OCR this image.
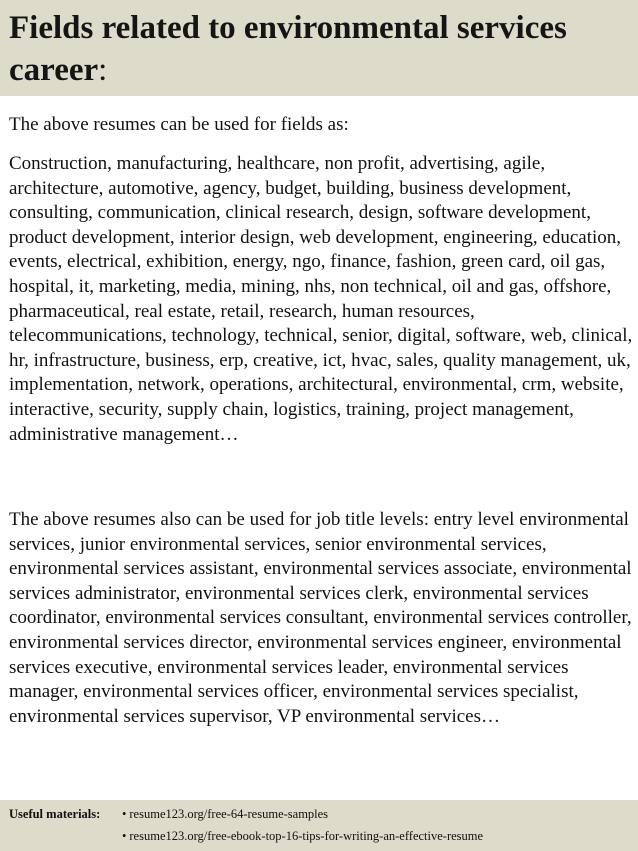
Fields related to environmental services career:
The above resumes can be used for fields as:
Construction, manufacturing, healthcare, non profit, advertising, agile, architecture, automotive, agency, budget, building, business development, consulting, communication, clinical research, design, software development, product development, interior design, web development, engineering, education, events, electrical, exhibition, energy, ngo, finance, fashion, green card, oil gas, hospital, it, marketing, media, mining, nhs, non technical, oil and gas, offshore, pharmaceutical, real estate, retail, research, human resources, telecommunications, technology, technical, senior, digital, software, web, clinical, hr, infrastructure, business, erp, creative, ict, hvac, sales, quality management, uk, implementation, network, operations, architectural, environmental, crm, website, interactive, security, supply chain, logistics, training, project management, administrative management…
The above resumes also can be used for job title levels: entry level environmental services, junior environmental services, senior environmental services, environmental services assistant, environmental services associate, environmental services administrator, environmental services clerk, environmental services coordinator, environmental services consultant, environmental services controller, environmental services director, environmental services engineer, environmental services executive, environmental services leader, environmental services manager, environmental services officer, environmental services specialist, environmental services supervisor, VP environmental services…
Useful materials: • resume123.org/free-64-resume-samples
• resume123.org/free-ebook-top-16-tips-for-writing-an-effective-resume
